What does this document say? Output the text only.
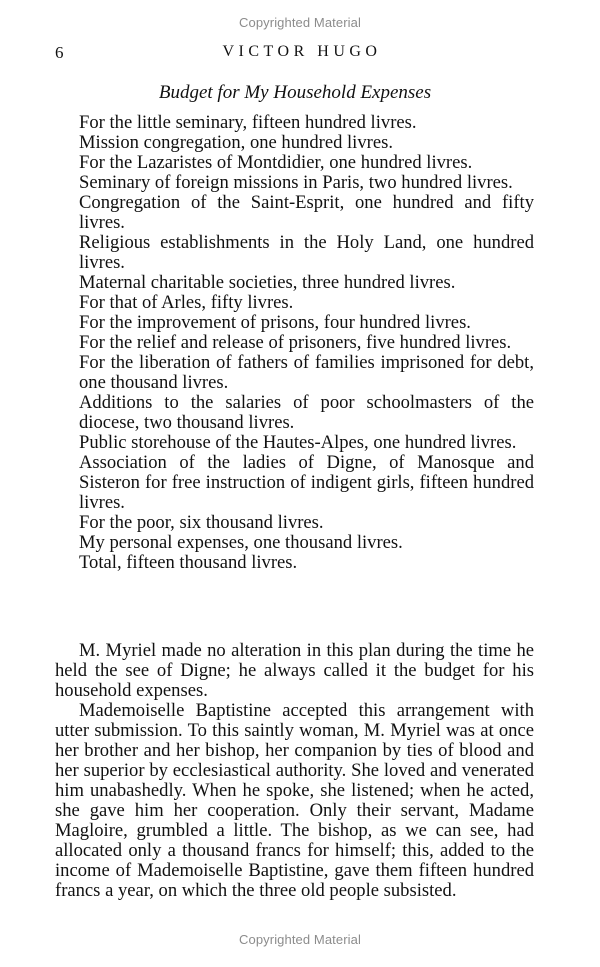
Copyrighted Material
6	VICTOR HUGO
Budget for My Household Expenses
For the little seminary, fifteen hundred livres.
Mission congregation, one hundred livres.
For the Lazaristes of Montdidier, one hundred livres.
Seminary of foreign missions in Paris, two hundred livres.
Congregation of the Saint-Esprit, one hundred and fifty livres.
Religious establishments in the Holy Land, one hundred livres.
Maternal charitable societies, three hundred livres.
For that of Arles, fifty livres.
For the improvement of prisons, four hundred livres.
For the relief and release of prisoners, five hundred livres.
For the liberation of fathers of families imprisoned for debt, one thousand livres.
Additions to the salaries of poor schoolmasters of the diocese, two thousand livres.
Public storehouse of the Hautes-Alpes, one hundred livres.
Association of the ladies of Digne, of Manosque and Sisteron for free instruction of indigent girls, fifteen hundred livres.
For the poor, six thousand livres.
My personal expenses, one thousand livres.
Total, fifteen thousand livres.

M. Myriel made no alteration in this plan during the time he held the see of Digne; he always called it the budget for his household expenses.

Mademoiselle Baptistine accepted this arrangement with utter submission. To this saintly woman, M. Myriel was at once her brother and her bishop, her companion by ties of blood and her superior by ecclesiastical authority. She loved and venerated him unabashedly. When he spoke, she listened; when he acted, she gave him her cooperation. Only their servant, Madame Magloire, grumbled a little. The bishop, as we can see, had allocated only a thousand francs for himself; this, added to the income of Mademoiselle Baptistine, gave them fifteen hundred francs a year, on which the three old people subsisted.

Copyrighted Material
